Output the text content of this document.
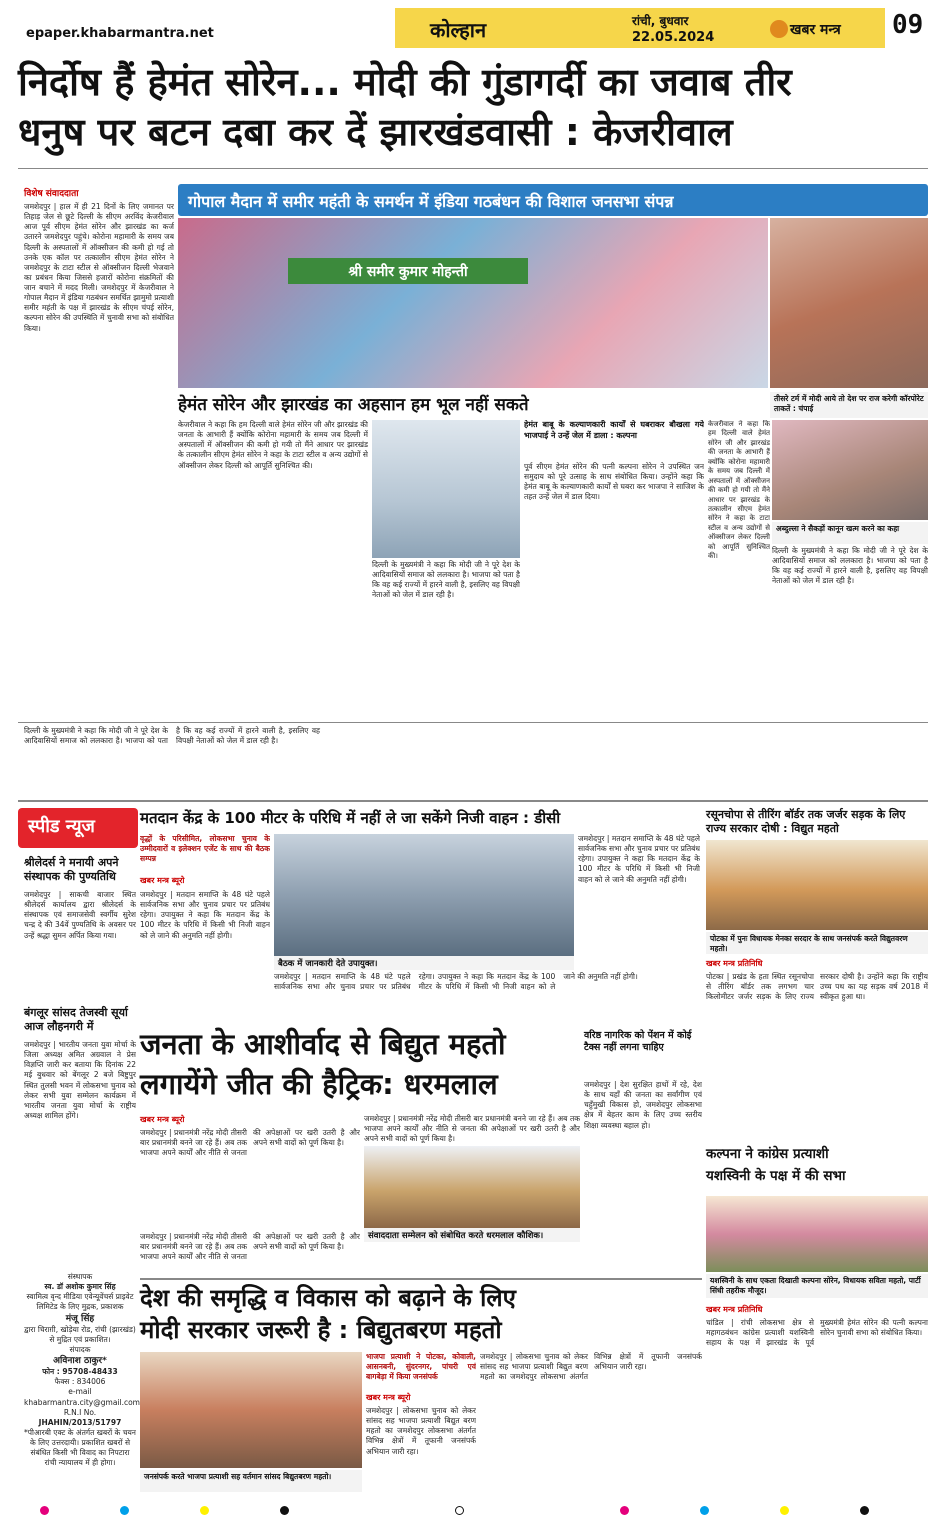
epaper.khabarmantra.net	कोल्हान	रांची, बुधवार
22.05.2024	खबर मन्त्र 09
निर्दोष हैं हेमंत सोरेन... मोदी की गुंडागर्दी का जवाब तीर
धनुष पर बटन दबा कर दें झारखंडवासी : केजरीवाल
विशेष संवाददाता
जमशेदपुर | हाल में ही 21 दिनों के लिए जमानत पर तिहाड़ जेल से छूटे दिल्ली के सीएम अरविंद केजरीवाल आज पूर्व सीएम हेमंत सोरेन और झारखंड का कर्ज उतारने जमशेदपुर पहुंचे। कोरोना महामारी के समय जब दिल्ली के अस्पतालों में ऑक्सीजन की कमी हो गई तो उनके एक कॉल पर तत्कालीन सीएम हेमंत सोरेन ने जमशेदपुर के टाटा स्टील से ऑक्सीजन दिल्ली भेजवाने का प्रबंधन किया जिससे हजारों कोरोना संक्रमितों की जान बचाने में मदद मिली। जमशेदपुर में केजरीवाल ने गोपाल मैदान में इंडिया गठबंधन समर्थित झामुमो प्रत्याशी समीर महंती के पक्ष में झारखंड के सीएम चंपई सोरेन, कल्पना सोरेन की उपस्थिति में चुनावी सभा को संबोधित किया।
गोपाल मैदान में समीर महंती के समर्थन में इंडिया गठबंधन की विशाल जनसभा संपन्न
श्री समीर कुमार मोहन्ती
हेमंत सोरेन और झारखंड का अहसान हम भूल नहीं सकते	तीसरे टर्म में मोदी आये तो देश पर राज करेगी कॉरपोरेट ताकतें : चंपाई
केजरीवाल ने कहा कि हम दिल्ली वाले हेमंत सोरेन जी और झारखंड की जनता के आभारी हैं क्योंकि कोरोना महामारी के समय जब दिल्ली में अस्पतालों में ऑक्सीजन की कमी हो गयी तो मैंने आधार पर झारखंड के तत्कालीन सीएम हेमंत सोरेन ने कहा के टाटा स्टील व अन्य उद्योगों से ऑक्सीजन लेकर दिल्ली को आपूर्ति सुनिश्चित की।
हेमंत बाबू के कल्याणकारी कार्यों से घबराकर बौखला गये भाजपाई ने उन्हें जेल में डाला : कल्पना
पूर्व सीएम हेमंत सोरेन की पत्नी कल्पना सोरेन ने उपस्थित जन समुदाय को पूरे उत्साह के साथ संबोधित किया। उन्होंने कहा कि हेमंत बाबू के कल्याणकारी कार्यों से घबरा कर भाजपा ने साजिश के तहत उन्हें जेल में डाल दिया।
केजरीवाल ने कहा कि हम दिल्ली वाले हेमंत सोरेन जी और झारखंड की जनता के आभारी हैं क्योंकि कोरोना महामारी के समय जब दिल्ली में अस्पतालों में ऑक्सीजन की कमी हो गयी तो मैंने आधार पर झारखंड के तत्कालीन सीएम हेमंत सोरेन ने कहा के टाटा स्टील व अन्य उद्योगों से ऑक्सीजन लेकर दिल्ली को आपूर्ति सुनिश्चित की।
अब्दुल्ला ने सैकड़ों कानून खत्म करने का कहा
दिल्ली के मुख्यमंत्री ने कहा कि मोदी जी ने पूरे देश के आदिवासियों समाज को ललकारा है। भाजपा को पता है कि वह कई राज्यों में हारने वाली है, इसलिए वह विपक्षी नेताओं को जेल में डाल रही है।
दिल्ली के मुख्यमंत्री ने कहा कि मोदी जी ने पूरे देश के आदिवासियों समाज को ललकारा है। भाजपा को पता है कि वह कई राज्यों में हारने वाली है, इसलिए वह विपक्षी नेताओं को जेल में डाल रही है।
दिल्ली के मुख्यमंत्री ने कहा कि मोदी जी ने पूरे देश के आदिवासियों समाज को ललकारा है। भाजपा को पता है कि वह कई राज्यों में हारने वाली है, इसलिए वह विपक्षी नेताओं को जेल में डाल रही है।
स्पीड न्यूज
श्रीलेदर्स ने मनायी अपने संस्थापक की पुण्यतिथि
जमशेदपुर | साकची बाजार स्थित श्रीलेदर्स कार्यालय द्वारा श्रीलेदर्स के संस्थापक एवं समाजसेवी स्वर्गीय सुरेश चन्द्र दे की 34वें पुण्यतिथि के अवसर पर उन्हें श्रद्धा सुमन अर्पित किया गया।
बंगलूर सांसद तेजस्वी सूर्या आज लौहनगरी में
जमशेदपुर | भारतीय जनता युवा मोर्चा के जिला अध्यक्ष अमित अग्रवाल ने प्रेस विज्ञप्ति जारी कर बताया कि दिनांक 22 मई बुधवार को बेंगलूर 2 बजे बिष्टुपुर स्थित तुलसी भवन में लोकसभा चुनाव को लेकर सभी युवा सम्मेलन कार्यक्रम में भारतीय जनता युवा मोर्चा के राष्ट्रीय अध्यक्ष शामिल होंगे।
संस्थापक
स्व. डॉ अशोक कुमार सिंह
स्वामित्व वृन्द मीडिया एवेन्यूवेंचर्स प्राइवेट लिमिटेड के लिए मुद्रक, प्रकाशक
मंजू सिंह
द्वारा चिराग़ी, खोड़ेया रोड, रांची (झारखंड) से मुद्रित एवं प्रकाशित।
संपादक
अविनाश ठाकुर*
फोन : 95708-48433
फैक्स : 834006
e-mail
khabarmantra.city@gmail.com
R.N.I No.
JHAHIN/2013/51797
*पीआरबी एक्ट के अंतर्गत खबरों के चयन के लिए उत्तरदायी। प्रकाशित खबरों से संबंधित किसी भी विवाद का निपटारा रांची न्यायालय में ही होगा।
मतदान केंद्र के 100 मीटर के परिधि में नहीं ले जा सकेंगे निजी वाहन : डीसी
वृद्धों के परिसीमित, लोकसभा चुनाव के उम्मीदवारों व इलेक्शन एजेंट के साथ की बैठक सम्पन्न
खबर मन्त्र ब्यूरो
जमशेदपुर | मतदान समाप्ति के 48 घंटे पहले सार्वजनिक सभा और चुनाव प्रचार पर प्रतिबंध रहेगा। उपायुक्त ने कहा कि मतदान केंद्र के 100 मीटर के परिधि में किसी भी निजी वाहन को ले जाने की अनुमति नहीं होगी।
बैठक में जानकारी देते उपायुक्त।
जमशेदपुर | मतदान समाप्ति के 48 घंटे पहले सार्वजनिक सभा और चुनाव प्रचार पर प्रतिबंध रहेगा। उपायुक्त ने कहा कि मतदान केंद्र के 100 मीटर के परिधि में किसी भी निजी वाहन को ले जाने की अनुमति नहीं होगी।
जमशेदपुर | मतदान समाप्ति के 48 घंटे पहले सार्वजनिक सभा और चुनाव प्रचार पर प्रतिबंध रहेगा। उपायुक्त ने कहा कि मतदान केंद्र के 100 मीटर के परिधि में किसी भी निजी वाहन को ले जाने की अनुमति नहीं होगी।
रसूनचोपा से तीरिंग बॉर्डर तक जर्जर सड़क के लिए राज्य सरकार दोषी : विद्युत महतो
पोटका में पुनः विधायक मेनका सरदार के साथ जनसंपर्क करते विद्युतवरण महतो।
खबर मन्त्र प्रतिनिधि
पोटका | प्रखंड के हता स्थित रसूनचोपा से तीरिंग बॉर्डर तक लगभग चार किलोमीटर जर्जर सड़क के लिए राज्य सरकार दोषी है। उन्होंने कहा कि राष्ट्रीय उच्च पथ का यह सड़क वर्ष 2018 में स्वीकृत हुआ था।
जनता के आशीर्वाद से बिद्युत महतो
लगायेंगे जीत की हैट्रिक: धरमलाल
खबर मन्त्र ब्यूरो
जमशेदपुर | प्रधानमंत्री नरेंद्र मोदी तीसरी बार प्रधानमंत्री बनने जा रहे हैं। अब तक भाजपा अपने कार्यों और नीति से जनता की अपेक्षाओं पर खरी उतरी है और अपने सभी वादों को पूर्ण किया है।
जमशेदपुर | प्रधानमंत्री नरेंद्र मोदी तीसरी बार प्रधानमंत्री बनने जा रहे हैं। अब तक भाजपा अपने कार्यों और नीति से जनता की अपेक्षाओं पर खरी उतरी है और अपने सभी वादों को पूर्ण किया है।
संवाददाता सम्मेलन को संबोधित करते धरमलाल कौशिक।
जमशेदपुर | प्रधानमंत्री नरेंद्र मोदी तीसरी बार प्रधानमंत्री बनने जा रहे हैं। अब तक भाजपा अपने कार्यों और नीति से जनता की अपेक्षाओं पर खरी उतरी है और अपने सभी वादों को पूर्ण किया है।
वरिष्ठ नागरिक को पेंशन में कोई टैक्स नहीं लगना चाहिए
जमशेदपुर | देश सुरक्षित हाथों में रहे, देश के साथ यहाँ की जनता का सर्वांगीण एवं चहुँमुखी विकास हो, जमशेदपुर लोकसभा क्षेत्र में बेहतर काम के लिए उच्च स्तरीय शिक्षा व्यवस्था बहाल हो।
कल्पना ने कांग्रेस प्रत्याशी
यशस्विनी के पक्ष में की सभा
यशस्विनी के साथ एकता दिखाती कल्पना सोरेन, विधायक सविता महतो, पार्टी सिंधी तहरीक मौजूद।
खबर मन्त्र प्रतिनिधि
चांडिल | रांची लोकसभा क्षेत्र से महागठबंधन कांग्रेस प्रत्याशी यशस्विनी सहाय के पक्ष में झारखंड के पूर्व मुख्यमंत्री हेमंत सोरेन की पत्नी कल्पना सोरेन चुनावी सभा को संबोधित किया।
देश की समृद्धि व विकास को बढ़ाने के लिए
मोदी सरकार जरूरी है : बिद्युतबरण महतो
जनसंपर्क करते भाजपा प्रत्याशी सह वर्तमान सांसद बिद्युतबरण महतो।
भाजपा प्रत्याशी ने पोटका, कोवाली, आसनबनी, सुंदरनगर, पांचरी एवं बागबेड़ा में किया जनसंपर्क
खबर मन्त्र ब्यूरो
जमशेदपुर | लोकसभा चुनाव को लेकर सांसद सह भाजपा प्रत्याशी बिद्युत बरण महतो का जमशेदपुर लोकसभा अंतर्गत विभिन्न क्षेत्रों में तूफानी जनसंपर्क अभियान जारी रहा।
जमशेदपुर | लोकसभा चुनाव को लेकर सांसद सह भाजपा प्रत्याशी बिद्युत बरण महतो का जमशेदपुर लोकसभा अंतर्गत विभिन्न क्षेत्रों में तूफानी जनसंपर्क अभियान जारी रहा।
